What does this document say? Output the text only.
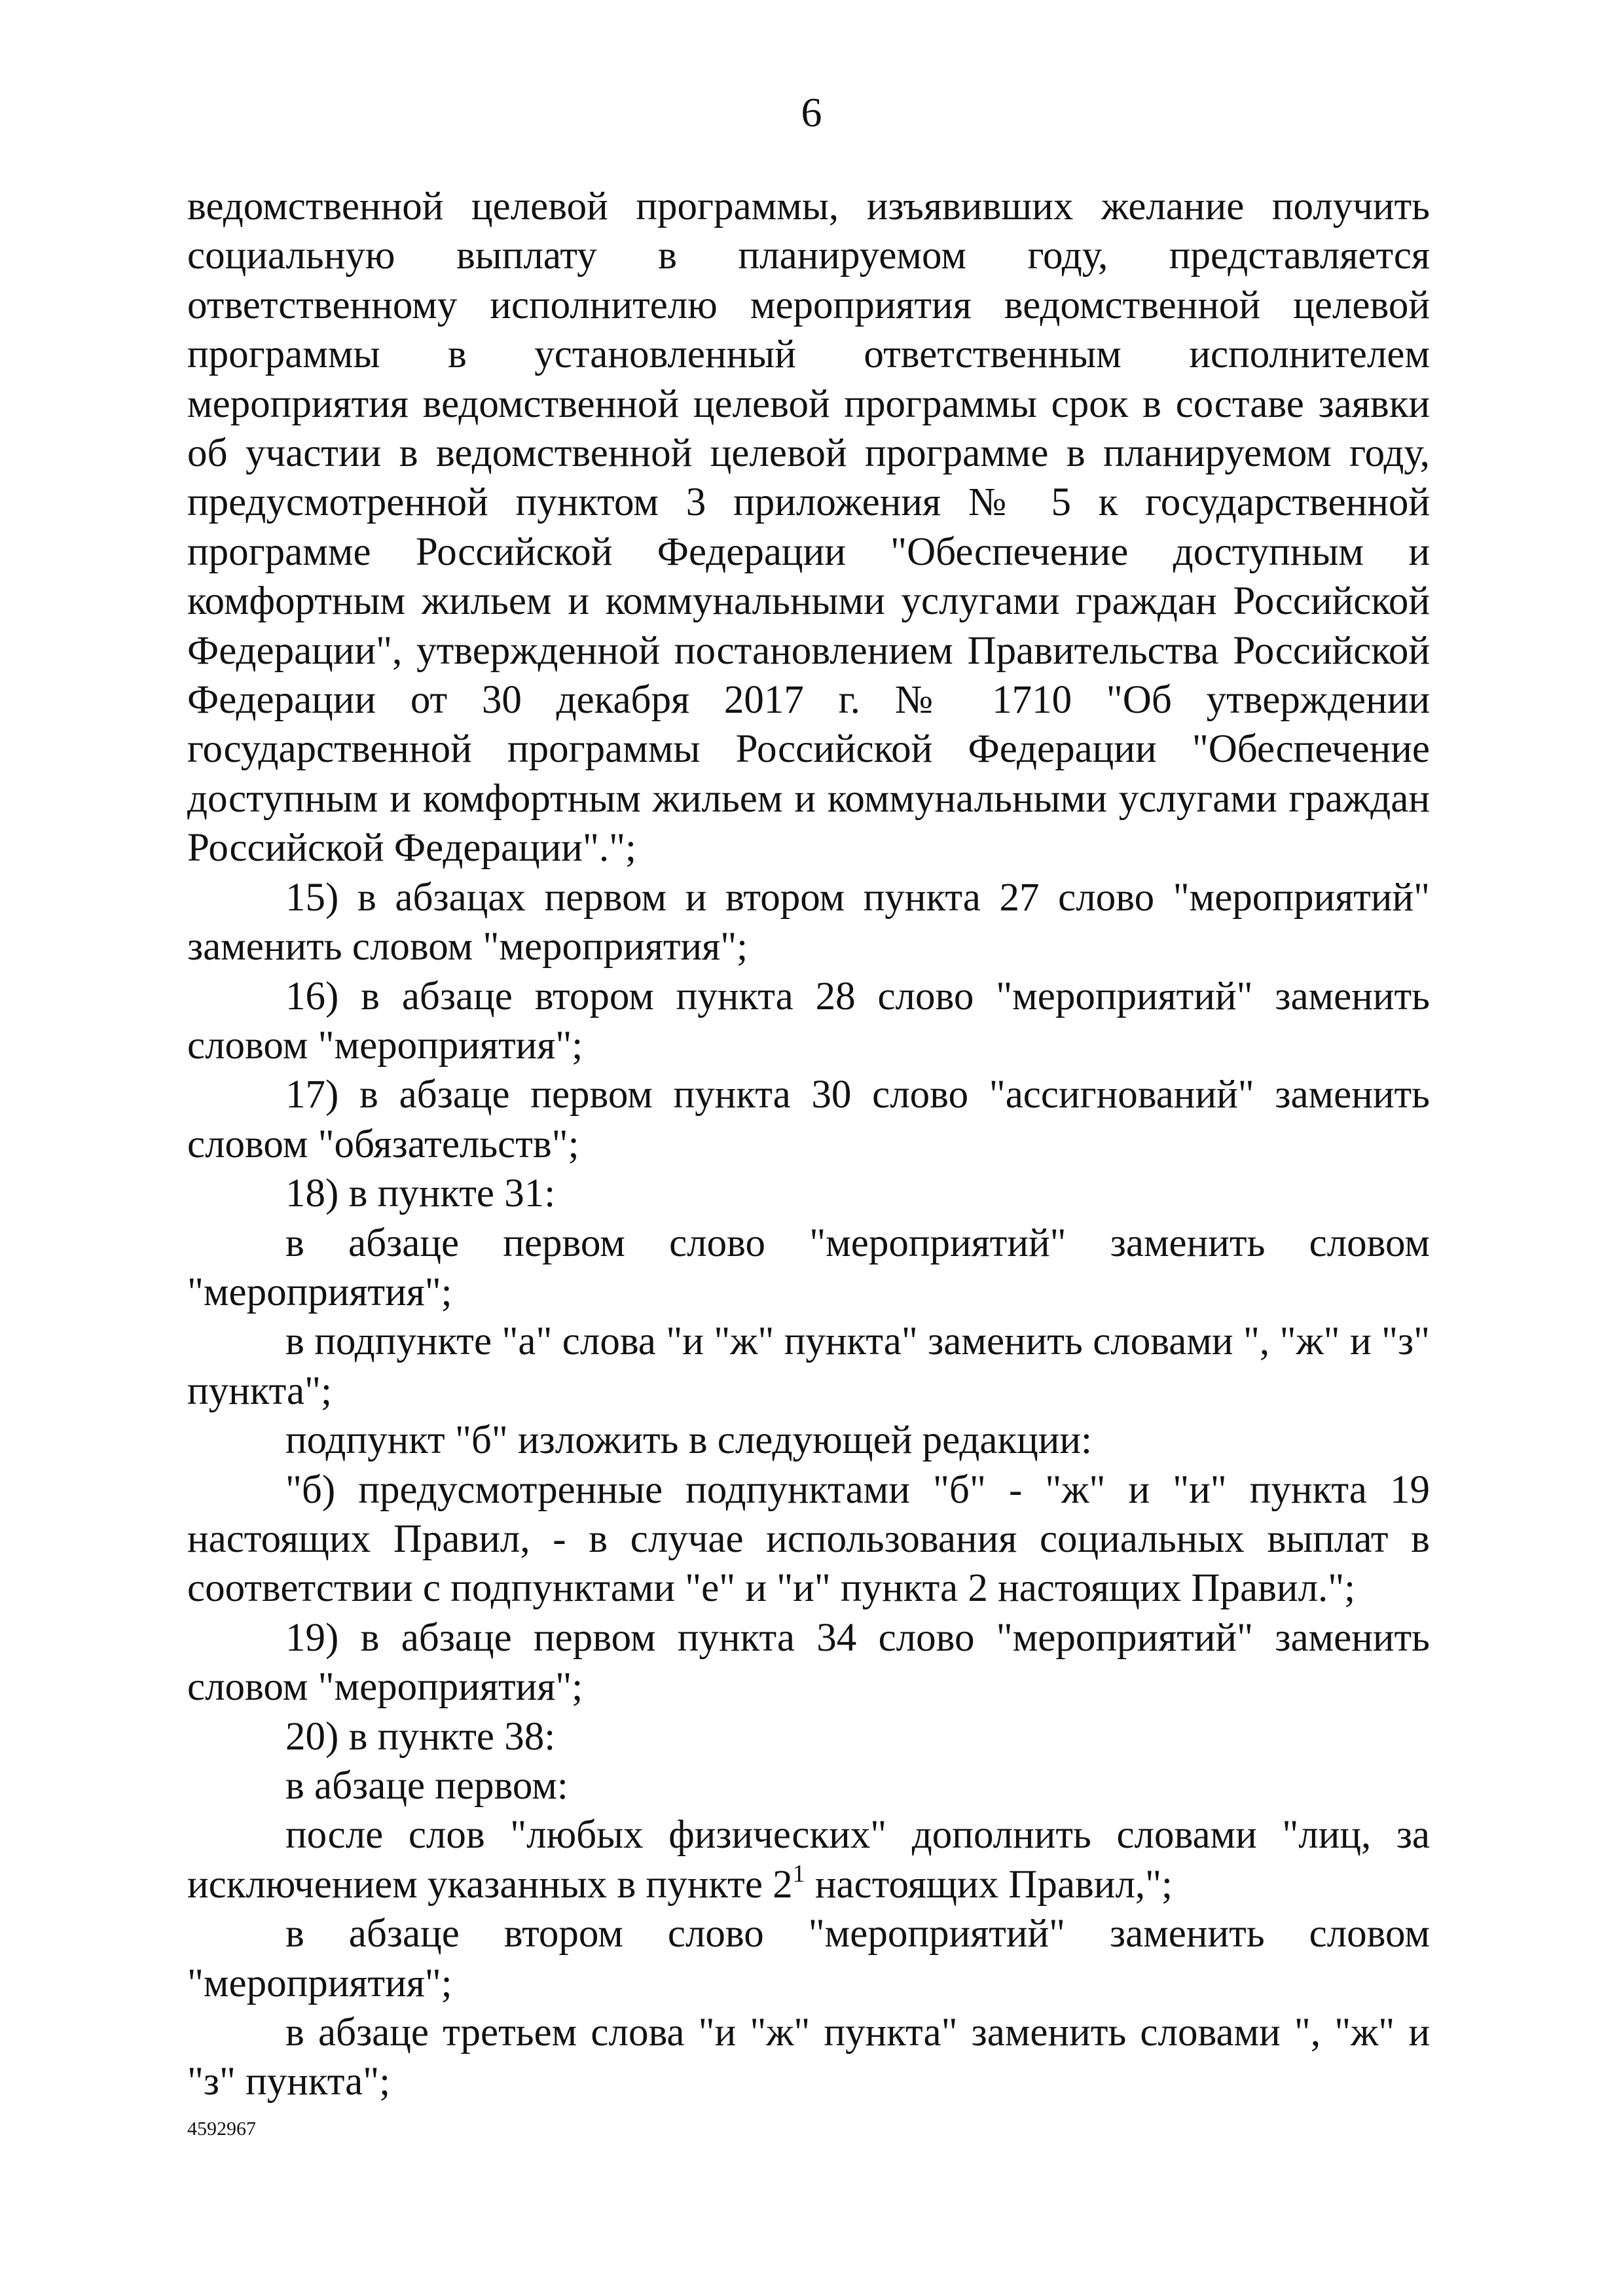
6

ведомственной целевой программы, изъявивших желание получить социальную выплату в планируемом году, представляется ответственному исполнителю мероприятия ведомственной целевой программы в установленный ответственным исполнителем мероприятия ведомственной целевой программы срок в составе заявки об участии в ведомственной целевой программе в планируемом году, предусмотренной пунктом 3 приложения № 5 к государственной программе Российской Федерации "Обеспечение доступным и комфортным жильем и коммунальными услугами граждан Российской Федерации", утвержденной постановлением Правительства Российской Федерации от 30 декабря 2017 г. № 1710 "Об утверждении государственной программы Российской Федерации "Обеспечение доступным и комфортным жильем и коммунальными услугами граждан Российской Федерации".";

15) в абзацах первом и втором пункта 27 слово "мероприятий" заменить словом "мероприятия";

16) в абзаце втором пункта 28 слово "мероприятий" заменить словом "мероприятия";

17) в абзаце первом пункта 30 слово "ассигнований" заменить словом "обязательств";

18) в пункте 31:

в абзаце первом слово "мероприятий" заменить словом "мероприятия";

в подпункте "а" слова "и "ж" пункта" заменить словами ", "ж" и "з" пункта";

подпункт "б" изложить в следующей редакции:

"б) предусмотренные подпунктами "б" - "ж" и "и" пункта 19 настоящих Правил, - в случае использования социальных выплат в соответствии с подпунктами "е" и "и" пункта 2 настоящих Правил.";

19) в абзаце первом пункта 34 слово "мероприятий" заменить словом "мероприятия";

20) в пункте 38:

в абзаце первом:

после слов "любых физических" дополнить словами "лиц, за исключением указанных в пункте $2^1$ настоящих Правил,";

в абзаце втором слово "мероприятий" заменить словом "мероприятия";

в абзаце третьем слова "и "ж" пункта" заменить словами ", "ж" и "з" пункта";

4592967
